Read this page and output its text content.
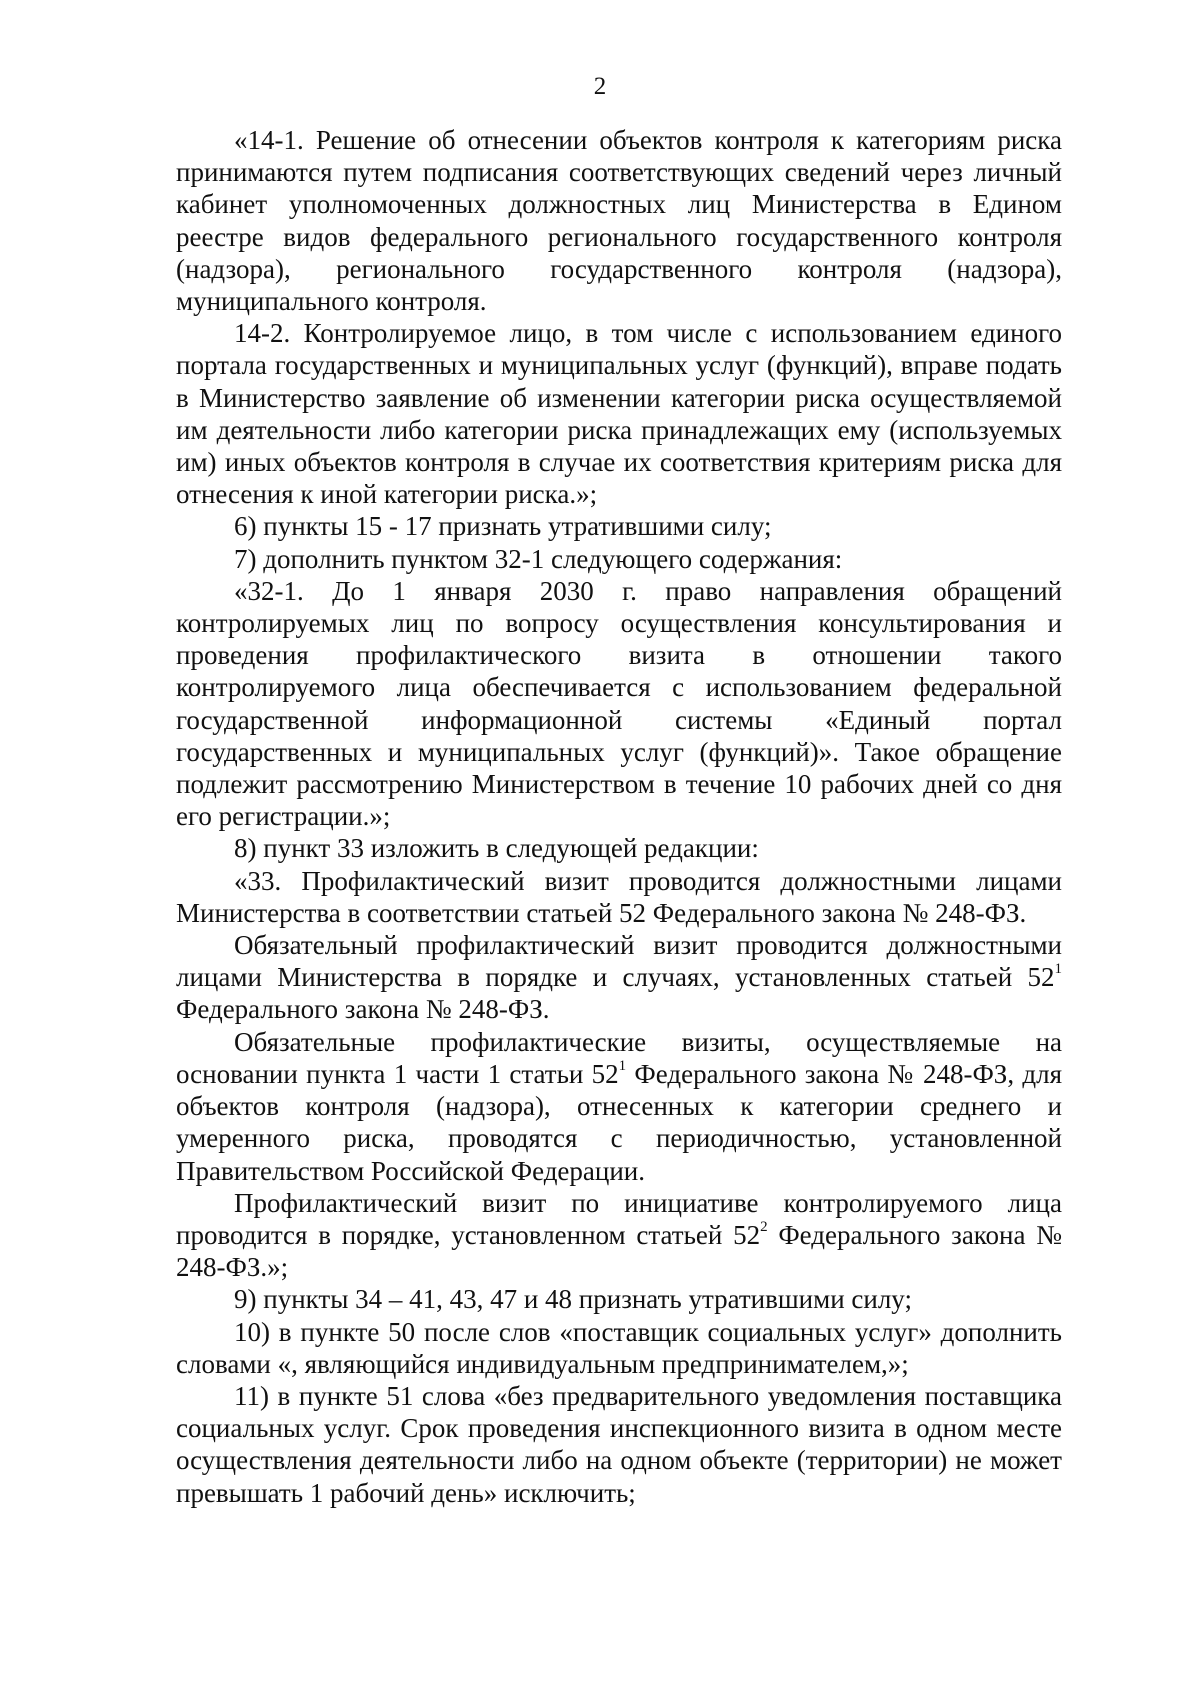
2

«14-1. Решение об отнесении объектов контроля к категориям риска принимаются путем подписания соответствующих сведений через личный кабинет уполномоченных должностных лиц Министерства в Едином реестре видов федерального регионального государственного контроля (надзора), регионального государственного контроля (надзора), муниципального контроля.

14-2. Контролируемое лицо, в том числе с использованием единого портала государственных и муниципальных услуг (функций), вправе подать в Министерство заявление об изменении категории риска осуществляемой им деятельности либо категории риска принадлежащих ему (используемых им) иных объектов контроля в случае их соответствия критериям риска для отнесения к иной категории риска.»;

6) пункты 15 - 17 признать утратившими силу;

7) дополнить пунктом 32-1 следующего содержания:

«32-1. До 1 января 2030 г. право направления обращений контролируемых лиц по вопросу осуществления консультирования и проведения профилактического визита в отношении такого контролируемого лица обеспечивается с использованием федеральной государственной информационной системы «Единый портал государственных и муниципальных услуг (функций)». Такое обращение подлежит рассмотрению Министерством в течение 10 рабочих дней со дня его регистрации.»;

8) пункт 33 изложить в следующей редакции:

«33. Профилактический визит проводится должностными лицами Министерства в соответствии статьей 52 Федерального закона № 248-ФЗ.

Обязательный профилактический визит проводится должностными лицами Министерства в порядке и случаях, установленных статьей $52^1$ Федерального закона № 248-ФЗ.

Обязательные профилактические визиты, осуществляемые на основании пункта 1 части 1 статьи $52^1$ Федерального закона № 248-ФЗ, для объектов контроля (надзора), отнесенных к категории среднего и умеренного риска, проводятся с периодичностью, установленной Правительством Российской Федерации.

Профилактический визит по инициативе контролируемого лица проводится в порядке, установленном статьей $52^2$ Федерального закона № 248-ФЗ.»;

9) пункты 34 – 41, 43, 47 и 48 признать утратившими силу;

10) в пункте 50 после слов «поставщик социальных услуг» дополнить словами «, являющийся индивидуальным предпринимателем,»;

11) в пункте 51 слова «без предварительного уведомления поставщика социальных услуг. Срок проведения инспекционного визита в одном месте осуществления деятельности либо на одном объекте (территории) не может превышать 1 рабочий день» исключить;
